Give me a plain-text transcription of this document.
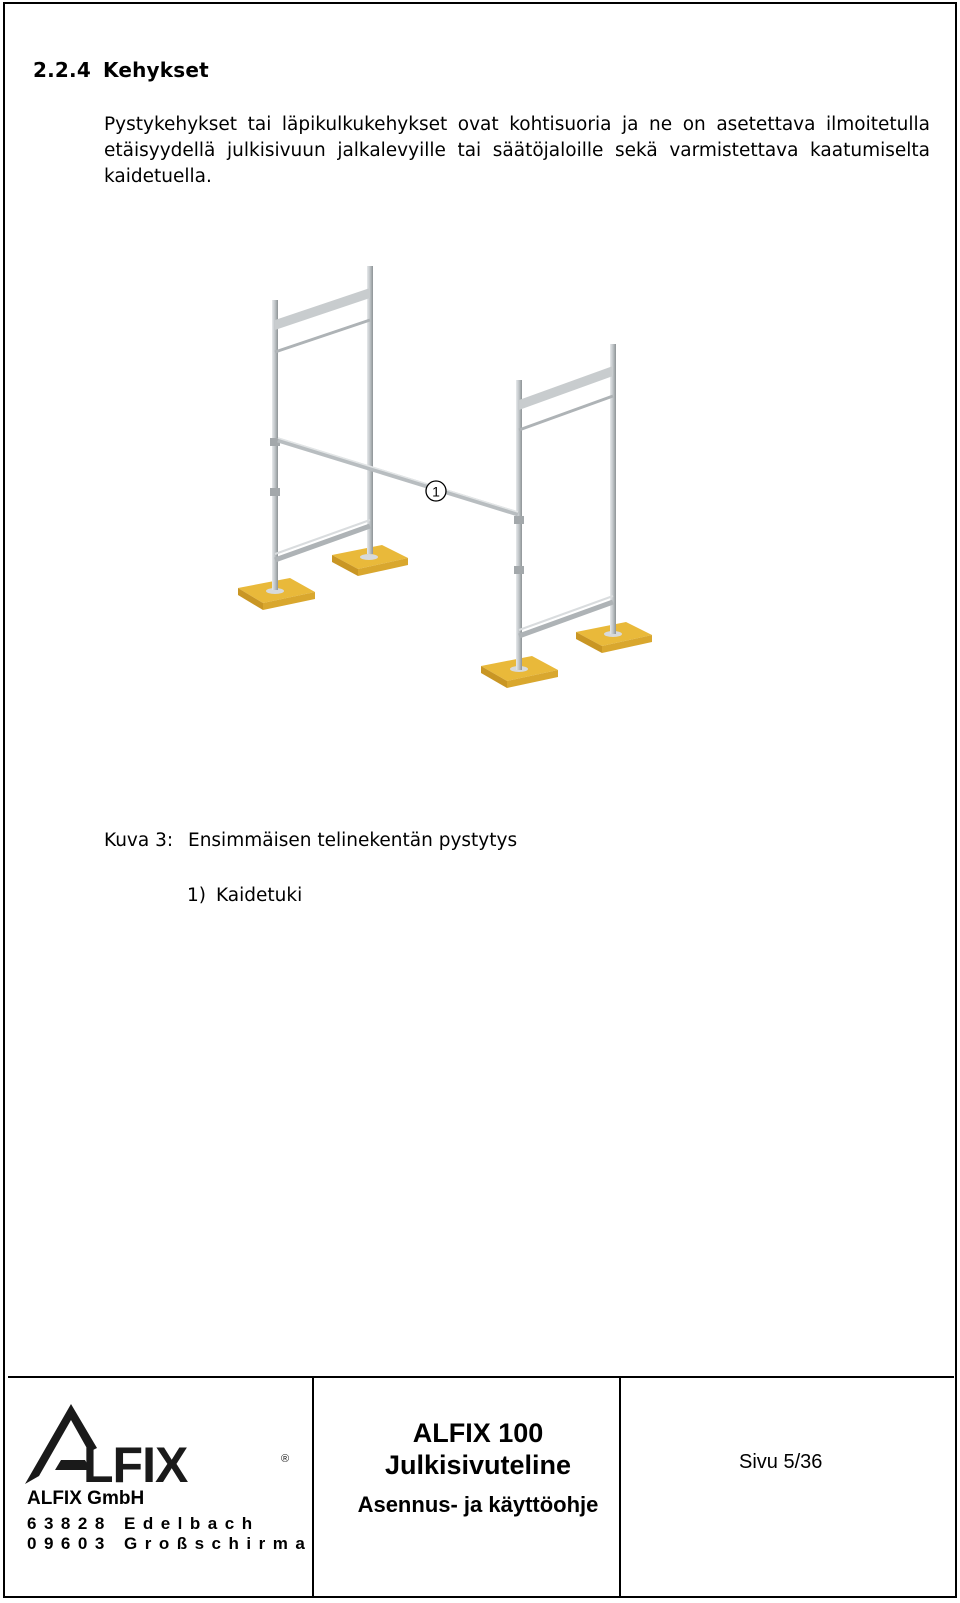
2.2.4 Kehykset
Pystykehykset tai läpikulkukehykset ovat kohtisuoria ja ne on asetettava ilmoitetulla etäisyydellä julkisivuun jalkalevyille tai säätöjaloille sekä varmistettava kaatumiselta kaidetuella.
1
Kuva 3: Ensimmäisen telinekentän pystytys
1) Kaidetuki
LFIX	®
ALFIX GmbH
63828 Edelbach
09603 Großschirma
ALFIX 100
Julkisivuteline
Asennus- ja käyttöohje
Sivu 5/36
